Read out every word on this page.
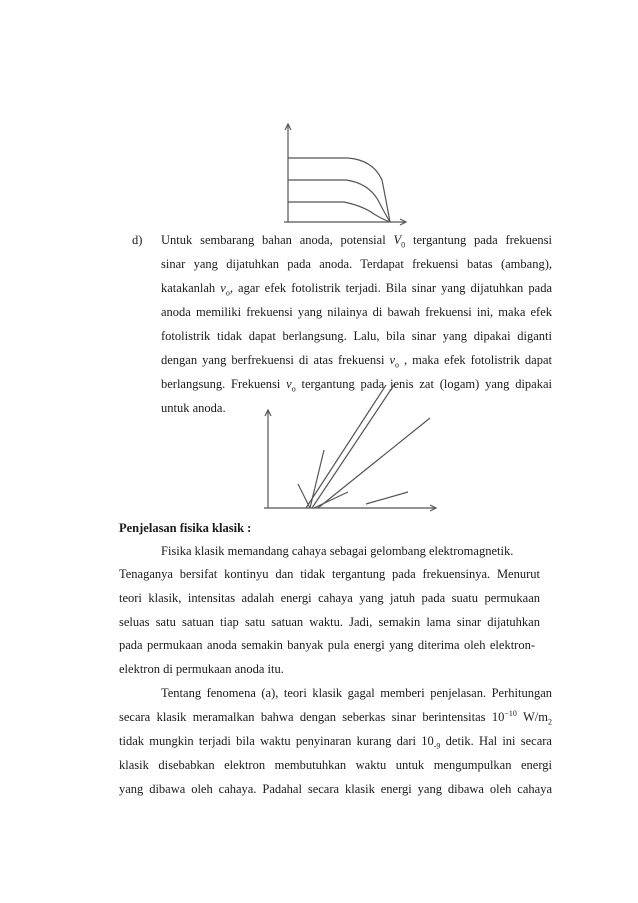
d) Untuk sembarang bahan anoda, potensial $V_0$ tergantung pada frekuensi
sinar yang dijatuhkan pada anoda. Terdapat frekuensi batas (ambang),
katakanlah $\nu_o$, agar efek fotolistrik terjadi. Bila sinar yang dijatuhkan pada
anoda memiliki frekuensi yang nilainya di bawah frekuensi ini, maka efek
fotolistrik tidak dapat berlangsung. Lalu, bila sinar yang dipakai diganti
dengan yang berfrekuensi di atas frekuensi $\nu_o$ , maka efek fotolistrik dapat
berlangsung. Frekuensi $\nu_o$ tergantung pada jenis zat (logam) yang dipakai
untuk anoda.
Penjelasan fisika klasik :
Fisika klasik memandang cahaya sebagai gelombang elektromagnetik.
Tenaganya bersifat kontinyu dan tidak tergantung pada frekuensinya. Menurut
teori klasik, intensitas adalah energi cahaya yang jatuh pada suatu permukaan
seluas satu satuan tiap satu satuan waktu. Jadi, semakin lama sinar dijatuhkan
pada permukaan anoda semakin banyak pula energi yang diterima oleh elektron-
elektron di permukaan anoda itu.
Tentang fenomena (a), teori klasik gagal memberi penjelasan. Perhitungan
secara klasik meramalkan bahwa dengan seberkas sinar berintensitas $10^{-10}$ $W/m_2$
tidak mungkin terjadi bila waktu penyinaran kurang dari $10_{-9}$ detik. Hal ini secara
klasik disebabkan elektron membutuhkan waktu untuk mengumpulkan energi
yang dibawa oleh cahaya. Padahal secara klasik energi yang dibawa oleh cahaya
